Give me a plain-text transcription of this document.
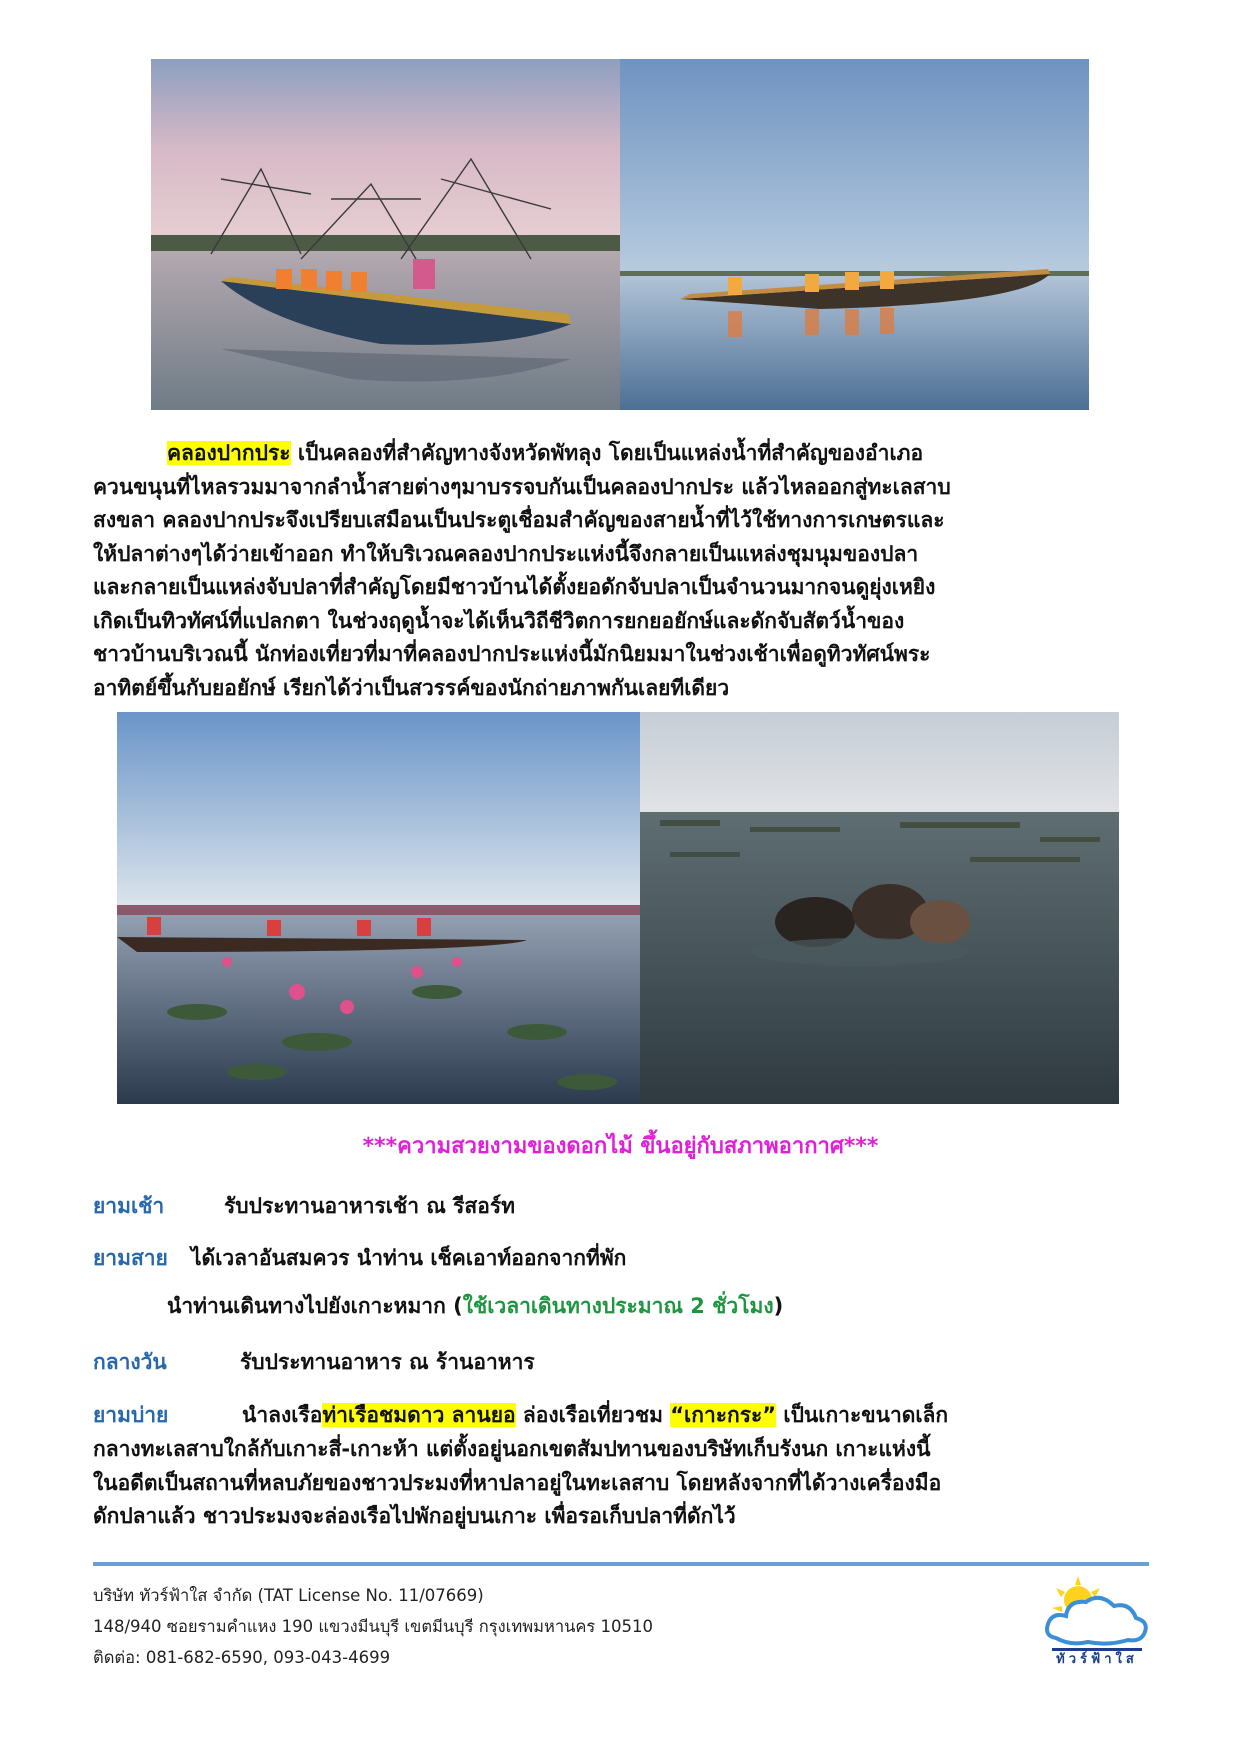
คลองปากประ เป็นคลองที่สำคัญทางจังหวัดพัทลุง โดยเป็นแหล่งน้ำที่สำคัญของอำเภอ
ควนขนุนที่ไหลรวมมาจากลำน้ำสายต่างๆมาบรรจบกันเป็นคลองปากประ แล้วไหลออกสู่ทะเลสาบ
สงขลา คลองปากประจึงเปรียบเสมือนเป็นประตูเชื่อมสำคัญของสายน้ำที่ไว้ใช้ทางการเกษตรและ
ให้ปลาต่างๆได้ว่ายเข้าออก ทำให้บริเวณคลองปากประแห่งนี้จึงกลายเป็นแหล่งชุมนุมของปลา
และกลายเป็นแหล่งจับปลาที่สำคัญโดยมีชาวบ้านได้ตั้งยอดักจับปลาเป็นจำนวนมากจนดูยุ่งเหยิง
เกิดเป็นทิวทัศน์ที่แปลกตา ในช่วงฤดูน้ำจะได้เห็นวิถีชีวิตการยกยอยักษ์และดักจับสัตว์น้ำของ
ชาวบ้านบริเวณนี้ นักท่องเที่ยวที่มาที่คลองปากประแห่งนี้มักนิยมมาในช่วงเช้าเพื่อดูทิวทัศน์พระ
อาทิตย์ขึ้นกับยอยักษ์ เรียกได้ว่าเป็นสวรรค์ของนักถ่ายภาพกันเลยทีเดียว
***ความสวยงามของดอกไม้ ขึ้นอยู่กับสภาพอากาศ***
ยามเช้า	รับประทานอาหารเช้า ณ รีสอร์ท
ยามสาย ได้เวลาอันสมควร นำท่าน เช็คเอาท์ออกจากที่พัก
นำท่านเดินทางไปยังเกาะหมาก (ใช้เวลาเดินทางประมาณ 2 ชั่วโมง)
กลางวัน	รับประทานอาหาร ณ ร้านอาหาร
ยามบ่าย	นำลงเรือท่าเรือชมดาว ลานยอ ล่องเรือเที่ยวชม “เกาะกระ” เป็นเกาะขนาดเล็ก
กลางทะเลสาบใกล้กับเกาะสี่-เกาะห้า แต่ตั้งอยู่นอกเขตสัมปทานของบริษัทเก็บรังนก เกาะแห่งนี้
ในอดีตเป็นสถานที่หลบภัยของชาวประมงที่หาปลาอยู่ในทะเลสาบ โดยหลังจากที่ได้วางเครื่องมือ
ดักปลาแล้ว ชาวประมงจะล่องเรือไปพักอยู่บนเกาะ เพื่อรอเก็บปลาที่ดักไว้
บริษัท ทัวร์ฟ้าใส จำกัด (TAT License No. 11/07669)
148/940 ซอยรามคำแหง 190 แขวงมีนบุรี เขตมีนบุรี กรุงเทพมหานคร 10510
ติดต่อ: 081-682-6590, 093-043-4699	ทัวร์ฟ้าใส
